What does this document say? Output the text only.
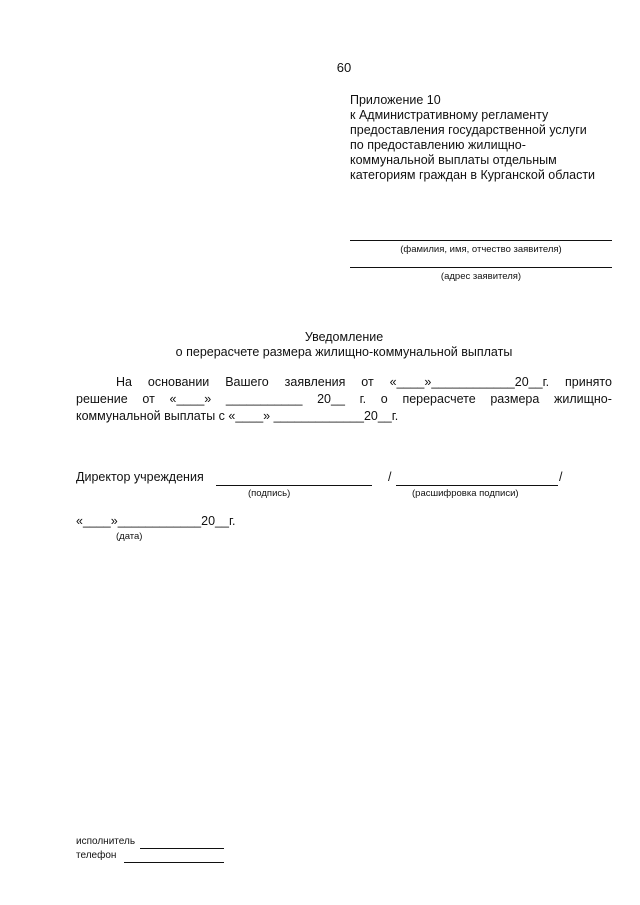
60
Приложение 10
к Административному регламенту
предоставления государственной услуги
по предоставлению жилищно-
коммунальной выплаты отдельным
категориям граждан в Курганской области
(фамилия, имя, отчество заявителя)
(адрес заявителя)
Уведомление
о перерасчете размера жилищно-коммунальной выплаты
На основании Вашего заявления от «____»____________20__г. принято
решение от «____» ___________ 20__ г. о перерасчете размера жилищно-
коммунальной выплаты с «____» _____________20__г.
Директор учреждения	/	/
(подпись)	(расшифровка подписи)
«____»____________20__г.
(дата)
исполнитель
телефон
